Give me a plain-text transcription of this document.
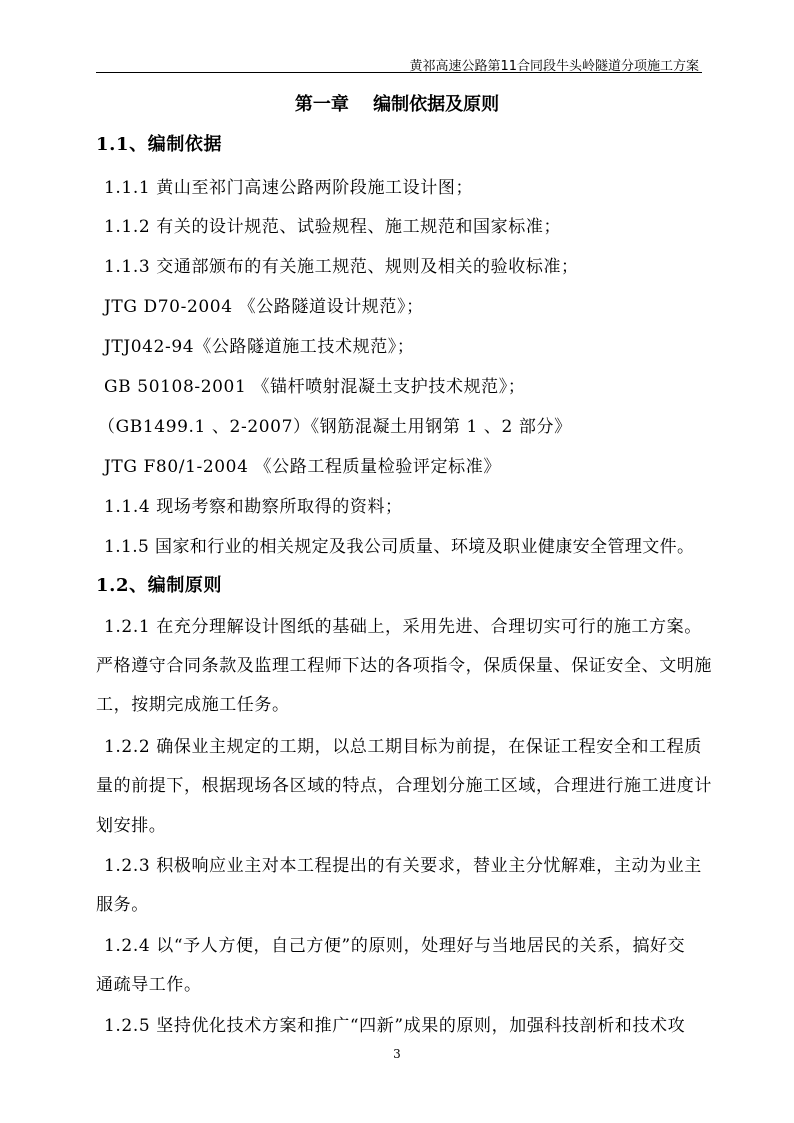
黄祁高速公路第11合同段牛头岭隧道分项施工方案
第一章　 编制依据及原则
1.1、编制依据
1.1.1 黄山至祁门高速公路两阶段施工设计图；
1.1.2 有关的设计规范、试验规程、施工规范和国家标准；
1.1.3 交通部颁布的有关施工规范、规则及相关的验收标准；
JTG D70-2004 《公路隧道设计规范》；
JTJ042-94《公路隧道施工技术规范》；
GB 50108-2001 《锚杆喷射混凝土支护技术规范》；
（GB1499.1 、2-2007）《钢筋混凝土用钢第 1 、2 部分》
JTG F80/1-2004 《公路工程质量检验评定标准》
1.1.4 现场考察和勘察所取得的资料；
1.1.5 国家和行业的相关规定及我公司质量、环境及职业健康安全管理文件。
1.2、编制原则
1.2.1 在充分理解设计图纸的基础上，采用先进、合理切实可行的施工方案。
严格遵守合同条款及监理工程师下达的各项指令，保质保量、保证安全、文明施
工，按期完成施工任务。
1.2.2 确保业主规定的工期，以总工期目标为前提，在保证工程安全和工程质
量的前提下，根据现场各区域的特点，合理划分施工区域，合理进行施工进度计
划安排。
1.2.3 积极响应业主对本工程提出的有关要求，替业主分忧解难，主动为业主
服务。
1.2.4 以“予人方便，自己方便”的原则，处理好与当地居民的关系，搞好交
通疏导工作。
1.2.5 坚持优化技术方案和推广“四新”成果的原则，加强科技剖析和技术攻
3
